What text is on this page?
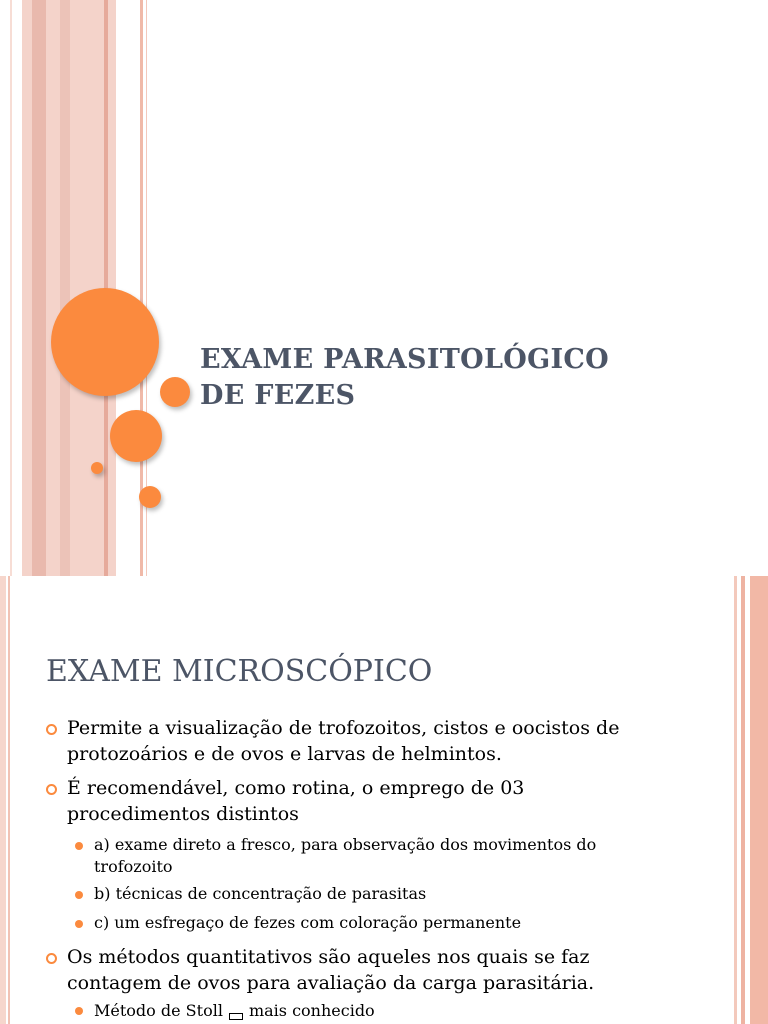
EXAME PARASITOLÓGICO
DE FEZES
EXAME MICROSCÓPICO

Permite a visualização de trofozoitos, cistos e oocistos de
protozoários e de ovos e larvas de helmintos.

É recomendável, como rotina, o emprego de 03
procedimentos distintos

a) exame direto a fresco, para observação dos movimentos do
trofozoito

b) técnicas de concentração de parasitas

c) um esfregaço de fezes com coloração permanente

Os métodos quantitativos são aqueles nos quais se faz
contagem de ovos para avaliação da carga parasitária.

Método de Stoll mais conhecido
